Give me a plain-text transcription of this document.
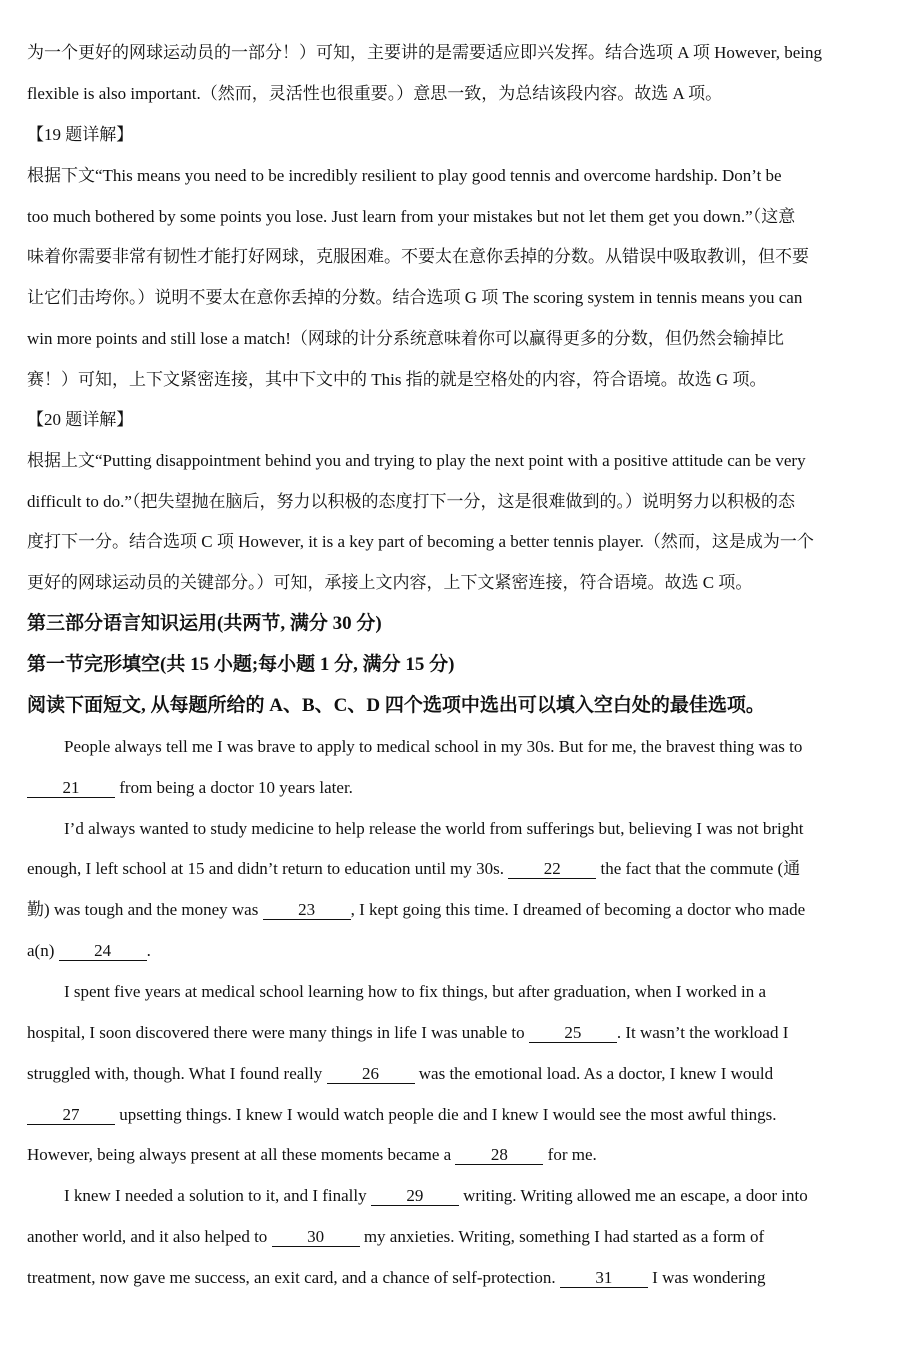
为一个更好的网球运动员的一部分！）可知，主要讲的是需要适应即兴发挥。结合选项 A 项 However, being
flexible is also important.（然而，灵活性也很重要。）意思一致，为总结该段内容。故选 A 项。
【19 题详解】
根据下文“This means you need to be incredibly resilient to play good tennis and overcome hardship. Don’t be
too much bothered by some points you lose. Just learn from your mistakes but not let them get you down.”（这意
味着你需要非常有韧性才能打好网球，克服困难。不要太在意你丢掉的分数。从错误中吸取教训，但不要
让它们击垮你。）说明不要太在意你丢掉的分数。结合选项 G 项 The scoring system in tennis means you can
win more points and still lose a match!（网球的计分系统意味着你可以赢得更多的分数，但仍然会输掉比
赛！）可知，上下文紧密连接，其中下文中的 This 指的就是空格处的内容，符合语境。故选 G 项。
【20 题详解】
根据上文“Putting disappointment behind you and trying to play the next point with a positive attitude can be very
difficult to do.”（把失望抛在脑后，努力以积极的态度打下一分，这是很难做到的。）说明努力以积极的态
度打下一分。结合选项 C 项 However, it is a key part of becoming a better tennis player.（然而，这是成为一个
更好的网球运动员的关键部分。）可知，承接上文内容，上下文紧密连接，符合语境。故选 C 项。
第三部分语言知识运用(共两节, 满分 30 分)
第一节完形填空(共 15 小题;每小题 1 分, 满分 15 分)
阅读下面短文, 从每题所给的 A、B、C、D 四个选项中选出可以填入空白处的最佳选项。
People always tell me I was brave to apply to medical school in my 30s. But for me, the bravest thing was to
21 from being a doctor 10 years later.
I’d always wanted to study medicine to help release the world from sufferings but, believing I was not bright
enough, I left school at 15 and didn’t return to education until my 30s. 22 the fact that the commute (通
勤) was tough and the money was 23 , I kept going this time. I dreamed of becoming a doctor who made
a(n) 24 .
I spent five years at medical school learning how to fix things, but after graduation, when I worked in a
hospital, I soon discovered there were many things in life I was unable to 25 . It wasn’t the workload I
struggled with, though. What I found really 26 was the emotional load. As a doctor, I knew I would
27 upsetting things. I knew I would watch people die and I knew I would see the most awful things.
However, being always present at all these moments became a 28 for me.
I knew I needed a solution to it, and I finally 29 writing. Writing allowed me an escape, a door into
another world, and it also helped to 30 my anxieties. Writing, something I had started as a form of
treatment, now gave me success, an exit card, and a chance of self-protection. 31 I was wondering
